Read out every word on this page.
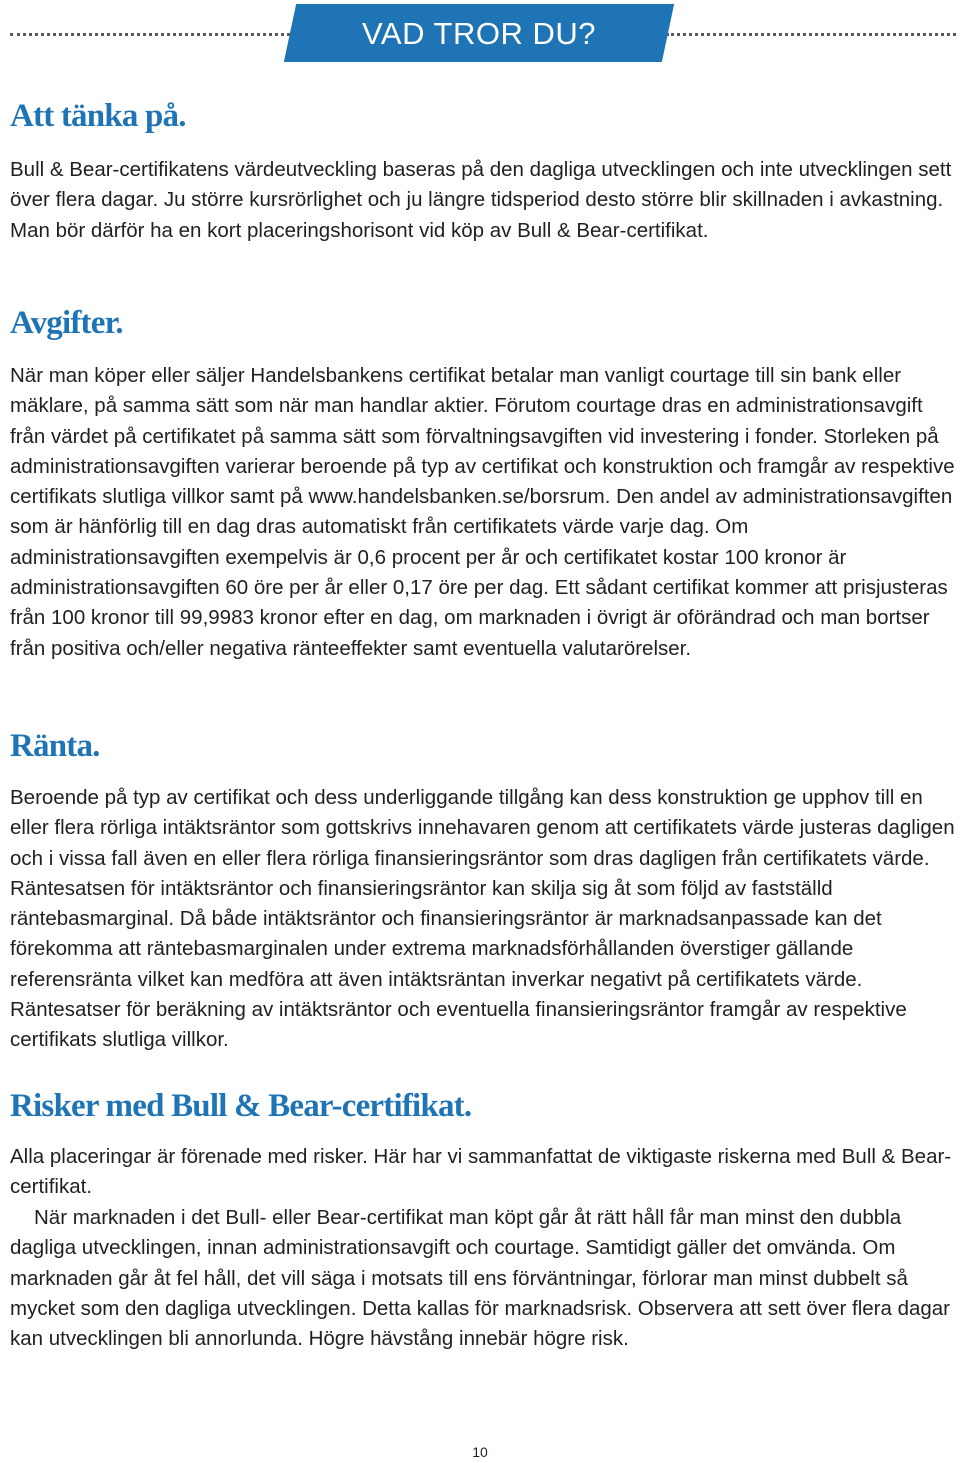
VAD TROR DU?
Att tänka på.

Bull & Bear-certifikatens värdeutveckling baseras på den dagliga utvecklingen och inte utvecklingen sett över flera dagar. Ju större kursrörlighet och ju längre tidsperiod desto större blir skillnaden i avkastning. Man bör därför ha en kort placeringshorisont vid köp av Bull & Bear-certifikat.

Avgifter.

När man köper eller säljer Handelsbankens certifikat betalar man vanligt courtage till sin bank eller mäklare, på samma sätt som när man handlar aktier. Förutom courtage dras en administrationsavgift från värdet på certifikatet på samma sätt som förvaltningsavgiften vid investering i fonder. Storleken på administrationsavgiften varierar beroende på typ av certifikat och konstruktion och framgår av respektive certifikats slutliga villkor samt på www.handelsbanken.se/borsrum. Den andel av administrationsavgiften som är hänförlig till en dag dras automatiskt från certifikatets värde varje dag. Om administrationsavgiften exempelvis är 0,6 procent per år och certifikatet kostar 100 kronor är administrationsavgiften 60 öre per år eller 0,17 öre per dag. Ett sådant certifikat kommer att prisjusteras från 100 kronor till 99,9983 kronor efter en dag, om marknaden i övrigt är oförändrad och man bortser från positiva och/eller negativa ränteeffekter samt eventuella valutarörelser.

Ränta.

Beroende på typ av certifikat och dess underliggande tillgång kan dess konstruktion ge upphov till en eller flera rörliga intäktsräntor som gottskrivs innehavaren genom att certifikatets värde justeras dagligen och i vissa fall även en eller flera rörliga finansieringsräntor som dras dagligen från certifikatets värde. Räntesatsen för intäktsräntor och finansieringsräntor kan skilja sig åt som följd av fastställd räntebasmarginal. Då både intäktsräntor och finansieringsräntor är marknadsanpassade kan det förekomma att räntebasmarginalen under extrema marknadsförhållanden överstiger gällande referensränta vilket kan medföra att även intäktsräntan inverkar negativt på certifikatets värde. Räntesatser för beräkning av intäktsräntor och eventuella finansieringsräntor framgår av respektive certifikats slutliga villkor.

Risker med Bull & Bear-certifikat.

Alla placeringar är förenade med risker. Här har vi sammanfattat de viktigaste riskerna med Bull & Bear-certifikat.

När marknaden i det Bull- eller Bear-certifikat man köpt går åt rätt håll får man minst den dubbla dagliga utvecklingen, innan administrationsavgift och courtage. Samtidigt gäller det omvända. Om marknaden går åt fel håll, det vill säga i motsats till ens förväntningar, förlorar man minst dubbelt så mycket som den dagliga utvecklingen. Detta kallas för marknadsrisk. Observera att sett över flera dagar kan utvecklingen bli annorlunda. Högre hävstång innebär högre risk.

10
